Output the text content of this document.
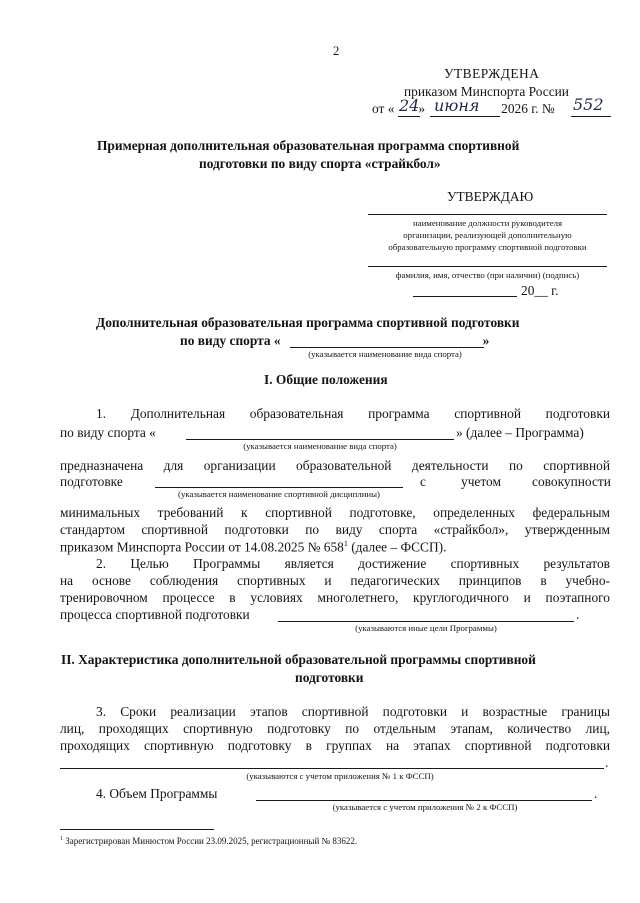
2
УТВЕРЖДЕНА
приказом Минспорта России
от « »	2026 г. №
24 июня	552
Примерная дополнительная образовательная программа спортивной
подготовки по виду спорта «страйкбол»
УТВЕРЖДАЮ
наименование должности руководителя
организации, реализующей дополнительную
образовательную программу спортивной подготовки
фамилия, имя, отчество (при наличии) (подпись)
20__ г.
Дополнительная образовательная программа спортивной подготовки
по виду спорта «	»
(указывается наименование вида спорта)
I. Общие положения
1. Дополнительная образовательная программа спортивной подготовки
по виду спорта «	» (далее – Программа)
(указывается наименование вида спорта)
предназначена для организации образовательной деятельности по спортивной
подготовке	с	учетом совокупности
(указывается наименование спортивной дисциплины)
минимальных требований к спортивной подготовке, определенных федеральным
стандартом спортивной подготовки по виду спорта «страйкбол», утвержденным
приказом Минспорта России от 14.08.2025 № $658^1$ (далее – ФССП).
2. Целью Программы является достижение спортивных результатов
на основе соблюдения спортивных и педагогических принципов в учебно-
тренировочном процессе в условиях многолетнего, круглогодичного и поэтапного
процесса спортивной подготовки	.
(указываются иные цели Программы)
II. Характеристика дополнительной образовательной программы спортивной
подготовки
3. Сроки реализации этапов спортивной подготовки и возрастные границы
лиц, проходящих спортивную подготовку по отдельным этапам, количество лиц,
проходящих спортивную подготовку в группах на этапах спортивной подготовки
.
(указываются с учетом приложения № 1 к ФССП)
4. Объем Программы	.
(указывается с учетом приложения № 2 к ФССП)
$^1$ Зарегистрирован Минюстом России 23.09.2025, регистрационный № 83622.
